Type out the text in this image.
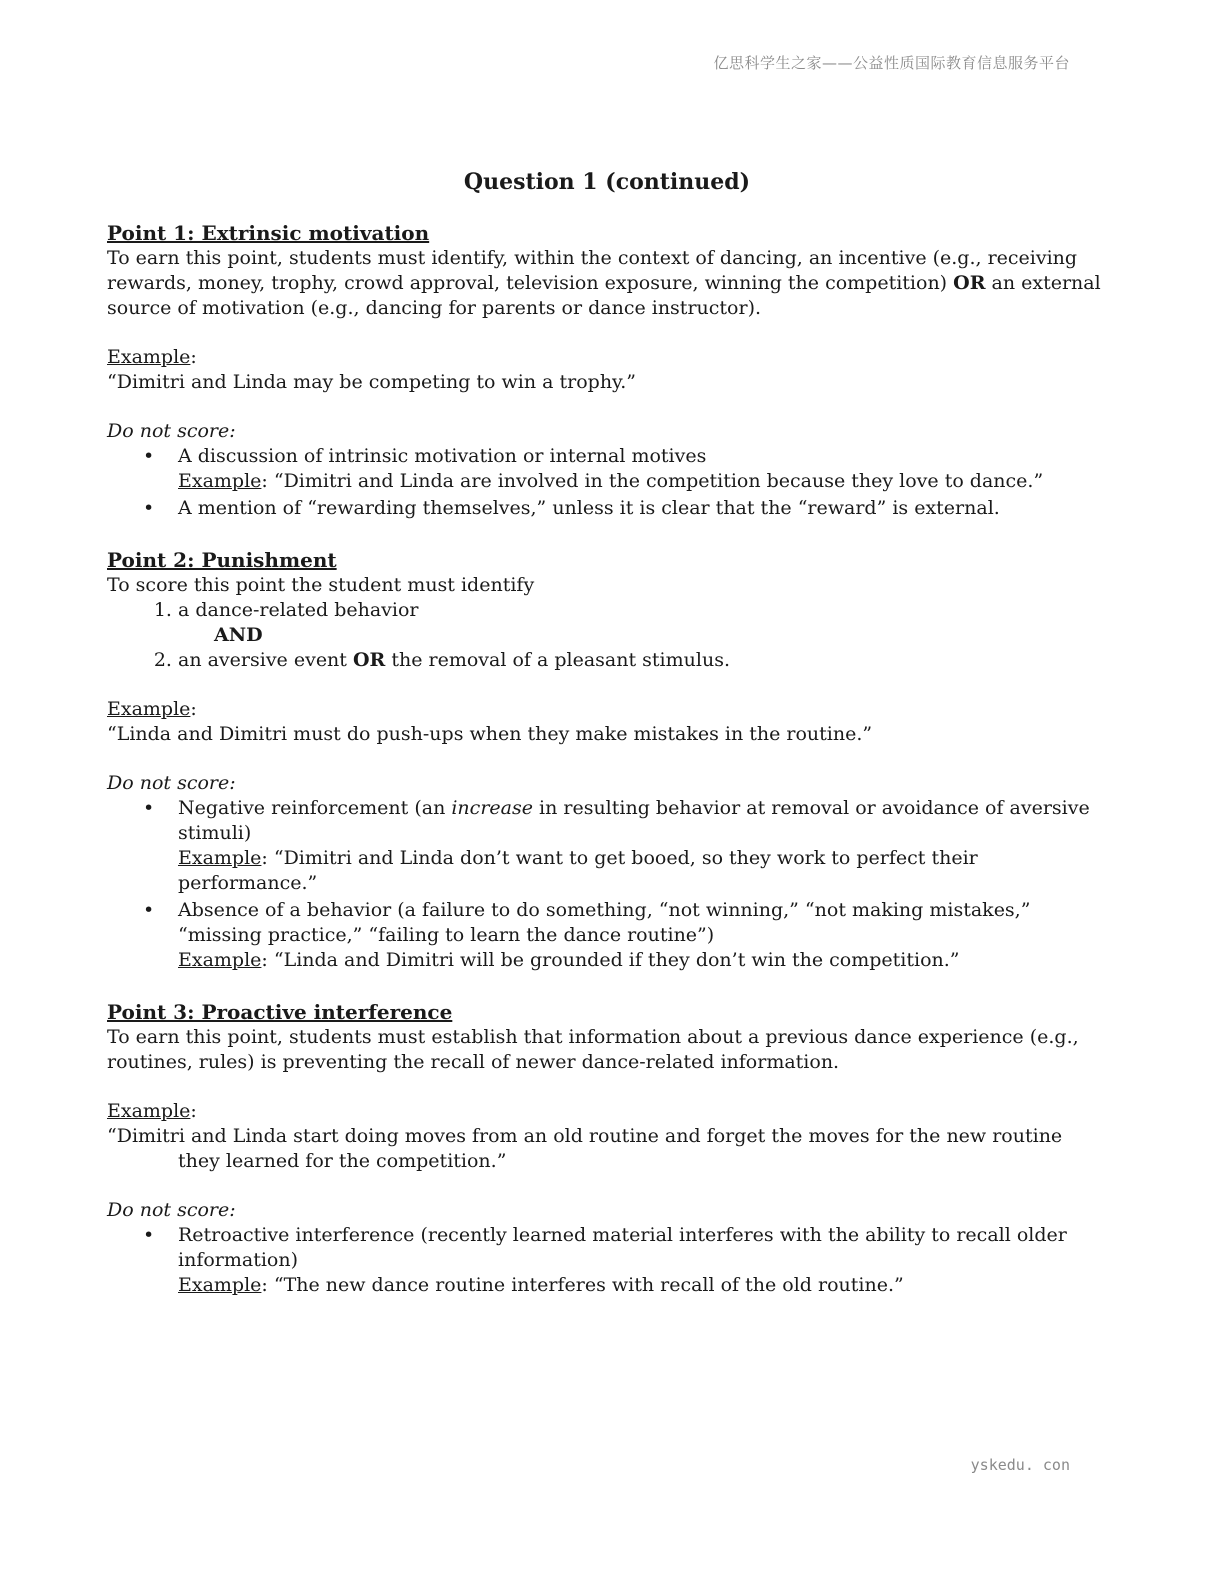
亿思科学生之家——公益性质国际教育信息服务平台
Question 1 (continued)
Point 1: Extrinsic motivation

To earn this point, students must identify, within the context of dancing, an incentive (e.g., receiving rewards, money, trophy, crowd approval, television exposure, winning the competition) OR an external source of motivation (e.g., dancing for parents or dance instructor).

Example:

“Dimitri and Linda may be competing to win a trophy.”

Do not score:

• A discussion of intrinsic motivation or internal motives
Example: “Dimitri and Linda are involved in the competition because they love to dance.”
• A mention of “rewarding themselves,” unless it is clear that the “reward” is external.
Point 2: Punishment

To score this point the student must identify

1. a dance-related behavior

AND

2. an aversive event OR the removal of a pleasant stimulus.

Example:

“Linda and Dimitri must do push-ups when they make mistakes in the routine.”

Do not score:

• Negative reinforcement (an increase in resulting behavior at removal or avoidance of aversive stimuli)
Example: “Dimitri and Linda don’t want to get booed, so they work to perfect their performance.”
• Absence of a behavior (a failure to do something, “not winning,” “not making mistakes,” “missing practice,” “failing to learn the dance routine”)
Example: “Linda and Dimitri will be grounded if they don’t win the competition.”
Point 3: Proactive interference

To earn this point, students must establish that information about a previous dance experience (e.g., routines, rules) is preventing the recall of newer dance-related information.

Example:

“Dimitri and Linda start doing moves from an old routine and forget the moves for the new routine they learned for the competition.”

Do not score:

• Retroactive interference (recently learned material interferes with the ability to recall older information)
Example: “The new dance routine interferes with recall of the old routine.”
yskedu. con
